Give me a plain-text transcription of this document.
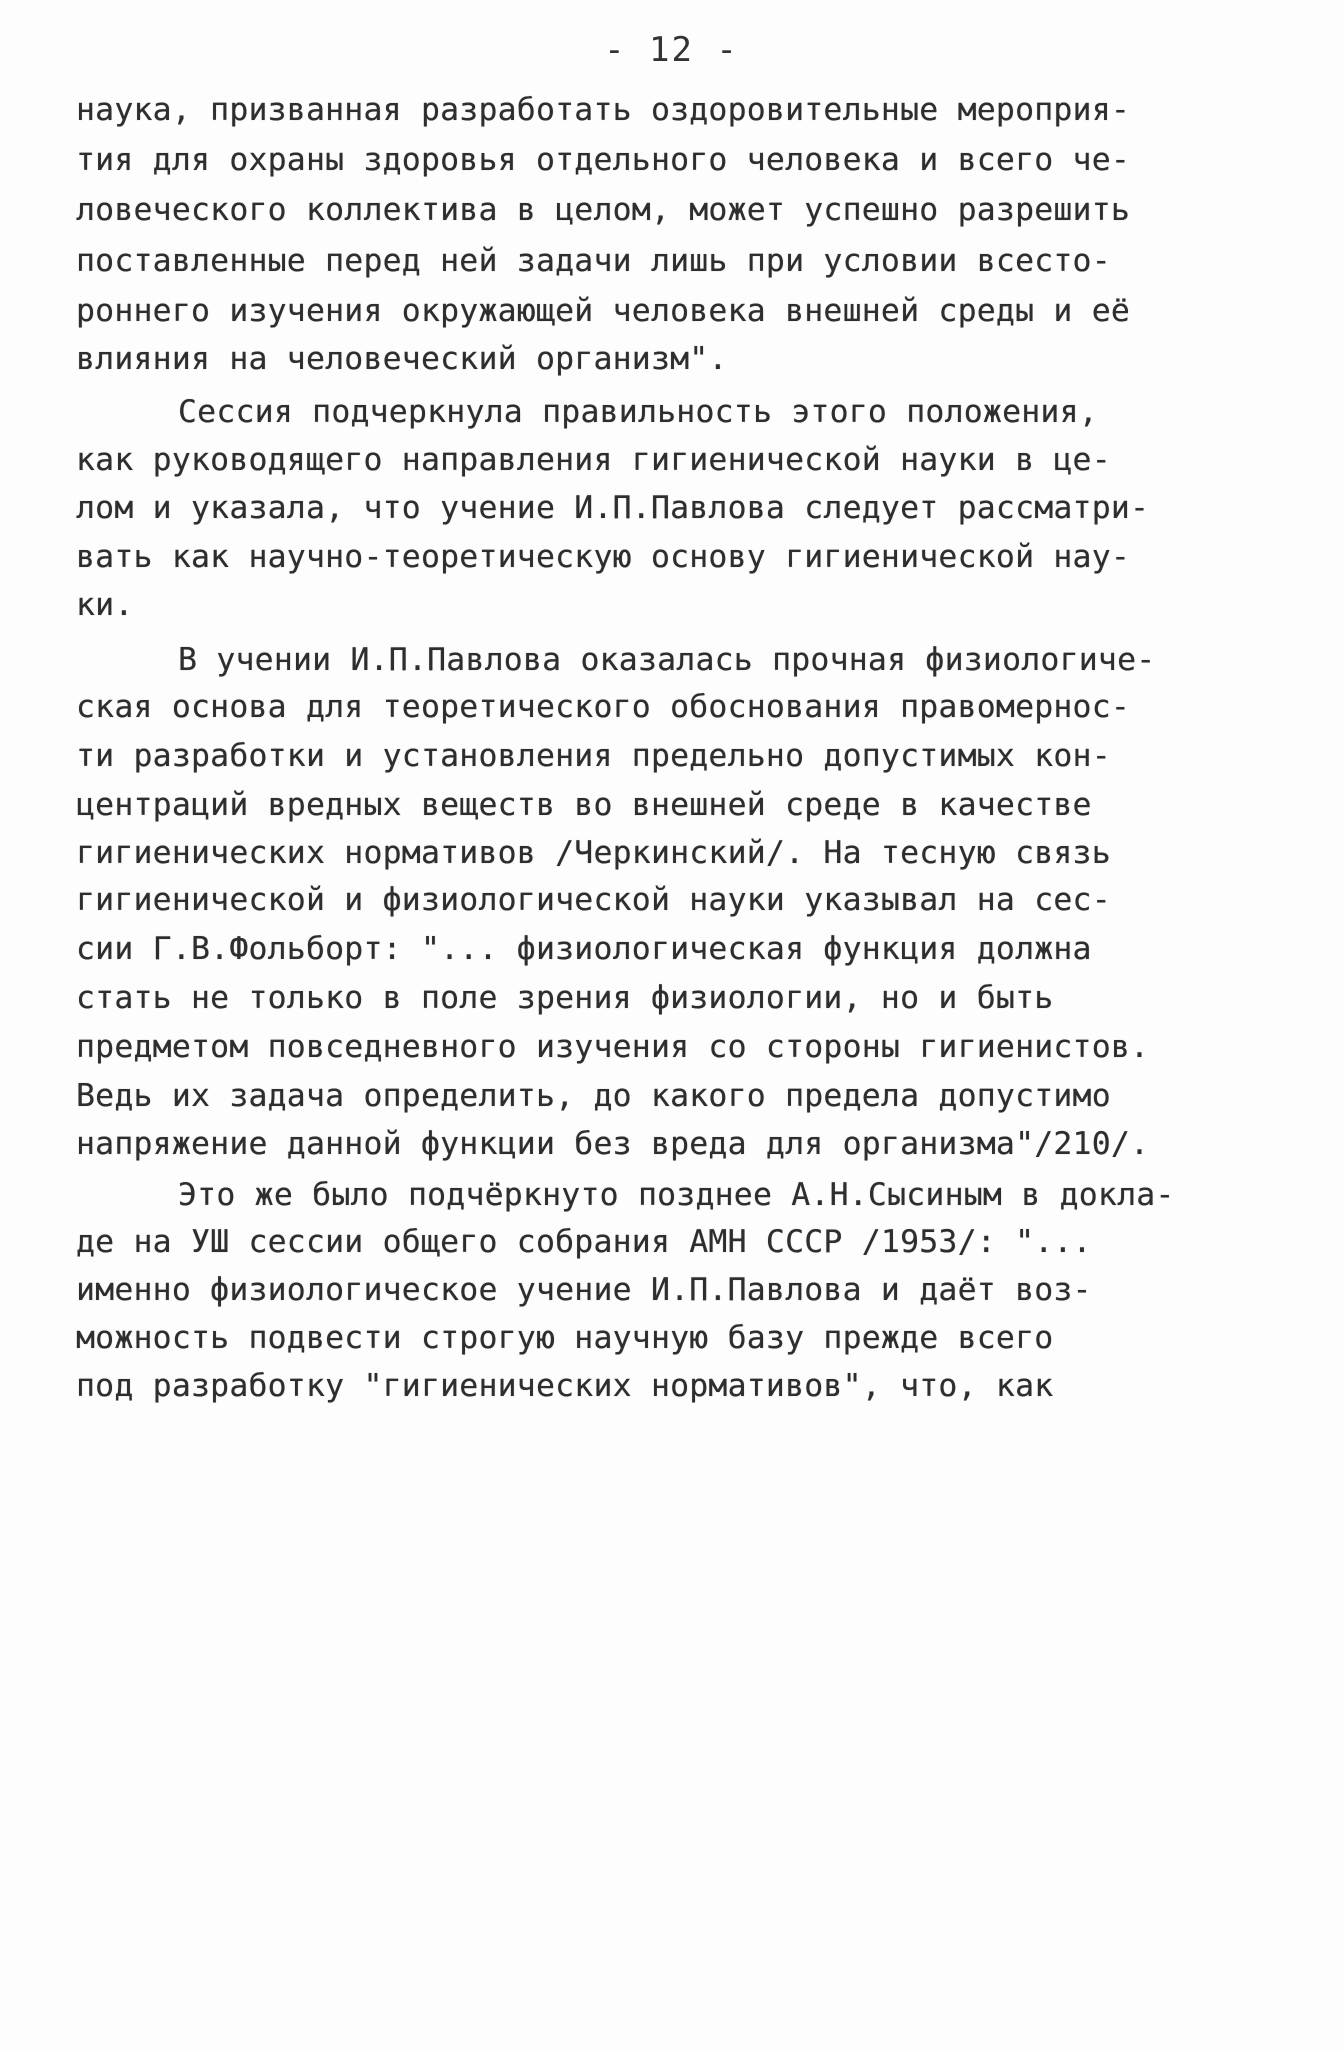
- 12 -
наука, призванная разработать оздоровительные мероприя-
тия для охраны здоровья отдельного человека и всего че-
ловеческого коллектива в целом, может успешно разрешить
поставленные перед ней задачи лишь при условии всесто-
роннего изучения окружающей человека внешней среды и её
влияния на человеческий организм".
Сессия подчеркнула правильность этого положения,
как руководящего направления гигиенической науки в це-
лом и указала, что учение И.П.Павлова следует рассматри-
вать как научно-теоретическую основу гигиенической нау-
ки.
В учении И.П.Павлова оказалась прочная физиологиче-
ская основа для теоретического обоснования правомернос-
ти разработки и установления предельно допустимых кон-
центраций вредных веществ во внешней среде в качестве
гигиенических нормативов /Черкинский/. На тесную связь
гигиенической и физиологической науки указывал на сес-
сии Г.В.Фольборт: "... физиологическая функция должна
стать не только в поле зрения физиологии, но и быть
предметом повседневного изучения со стороны гигиенистов.
Ведь их задача определить, до какого предела допустимо
напряжение данной функции без вреда для организма"/210/.
Это же было подчёркнуто позднее А.Н.Сысиным в докла-
де на УШ сессии общего собрания АМН СССР /1953/: "...
именно физиологическое учение И.П.Павлова и даёт воз-
можность подвести строгую научную базу прежде всего
под разработку "гигиенических нормативов", что, как
